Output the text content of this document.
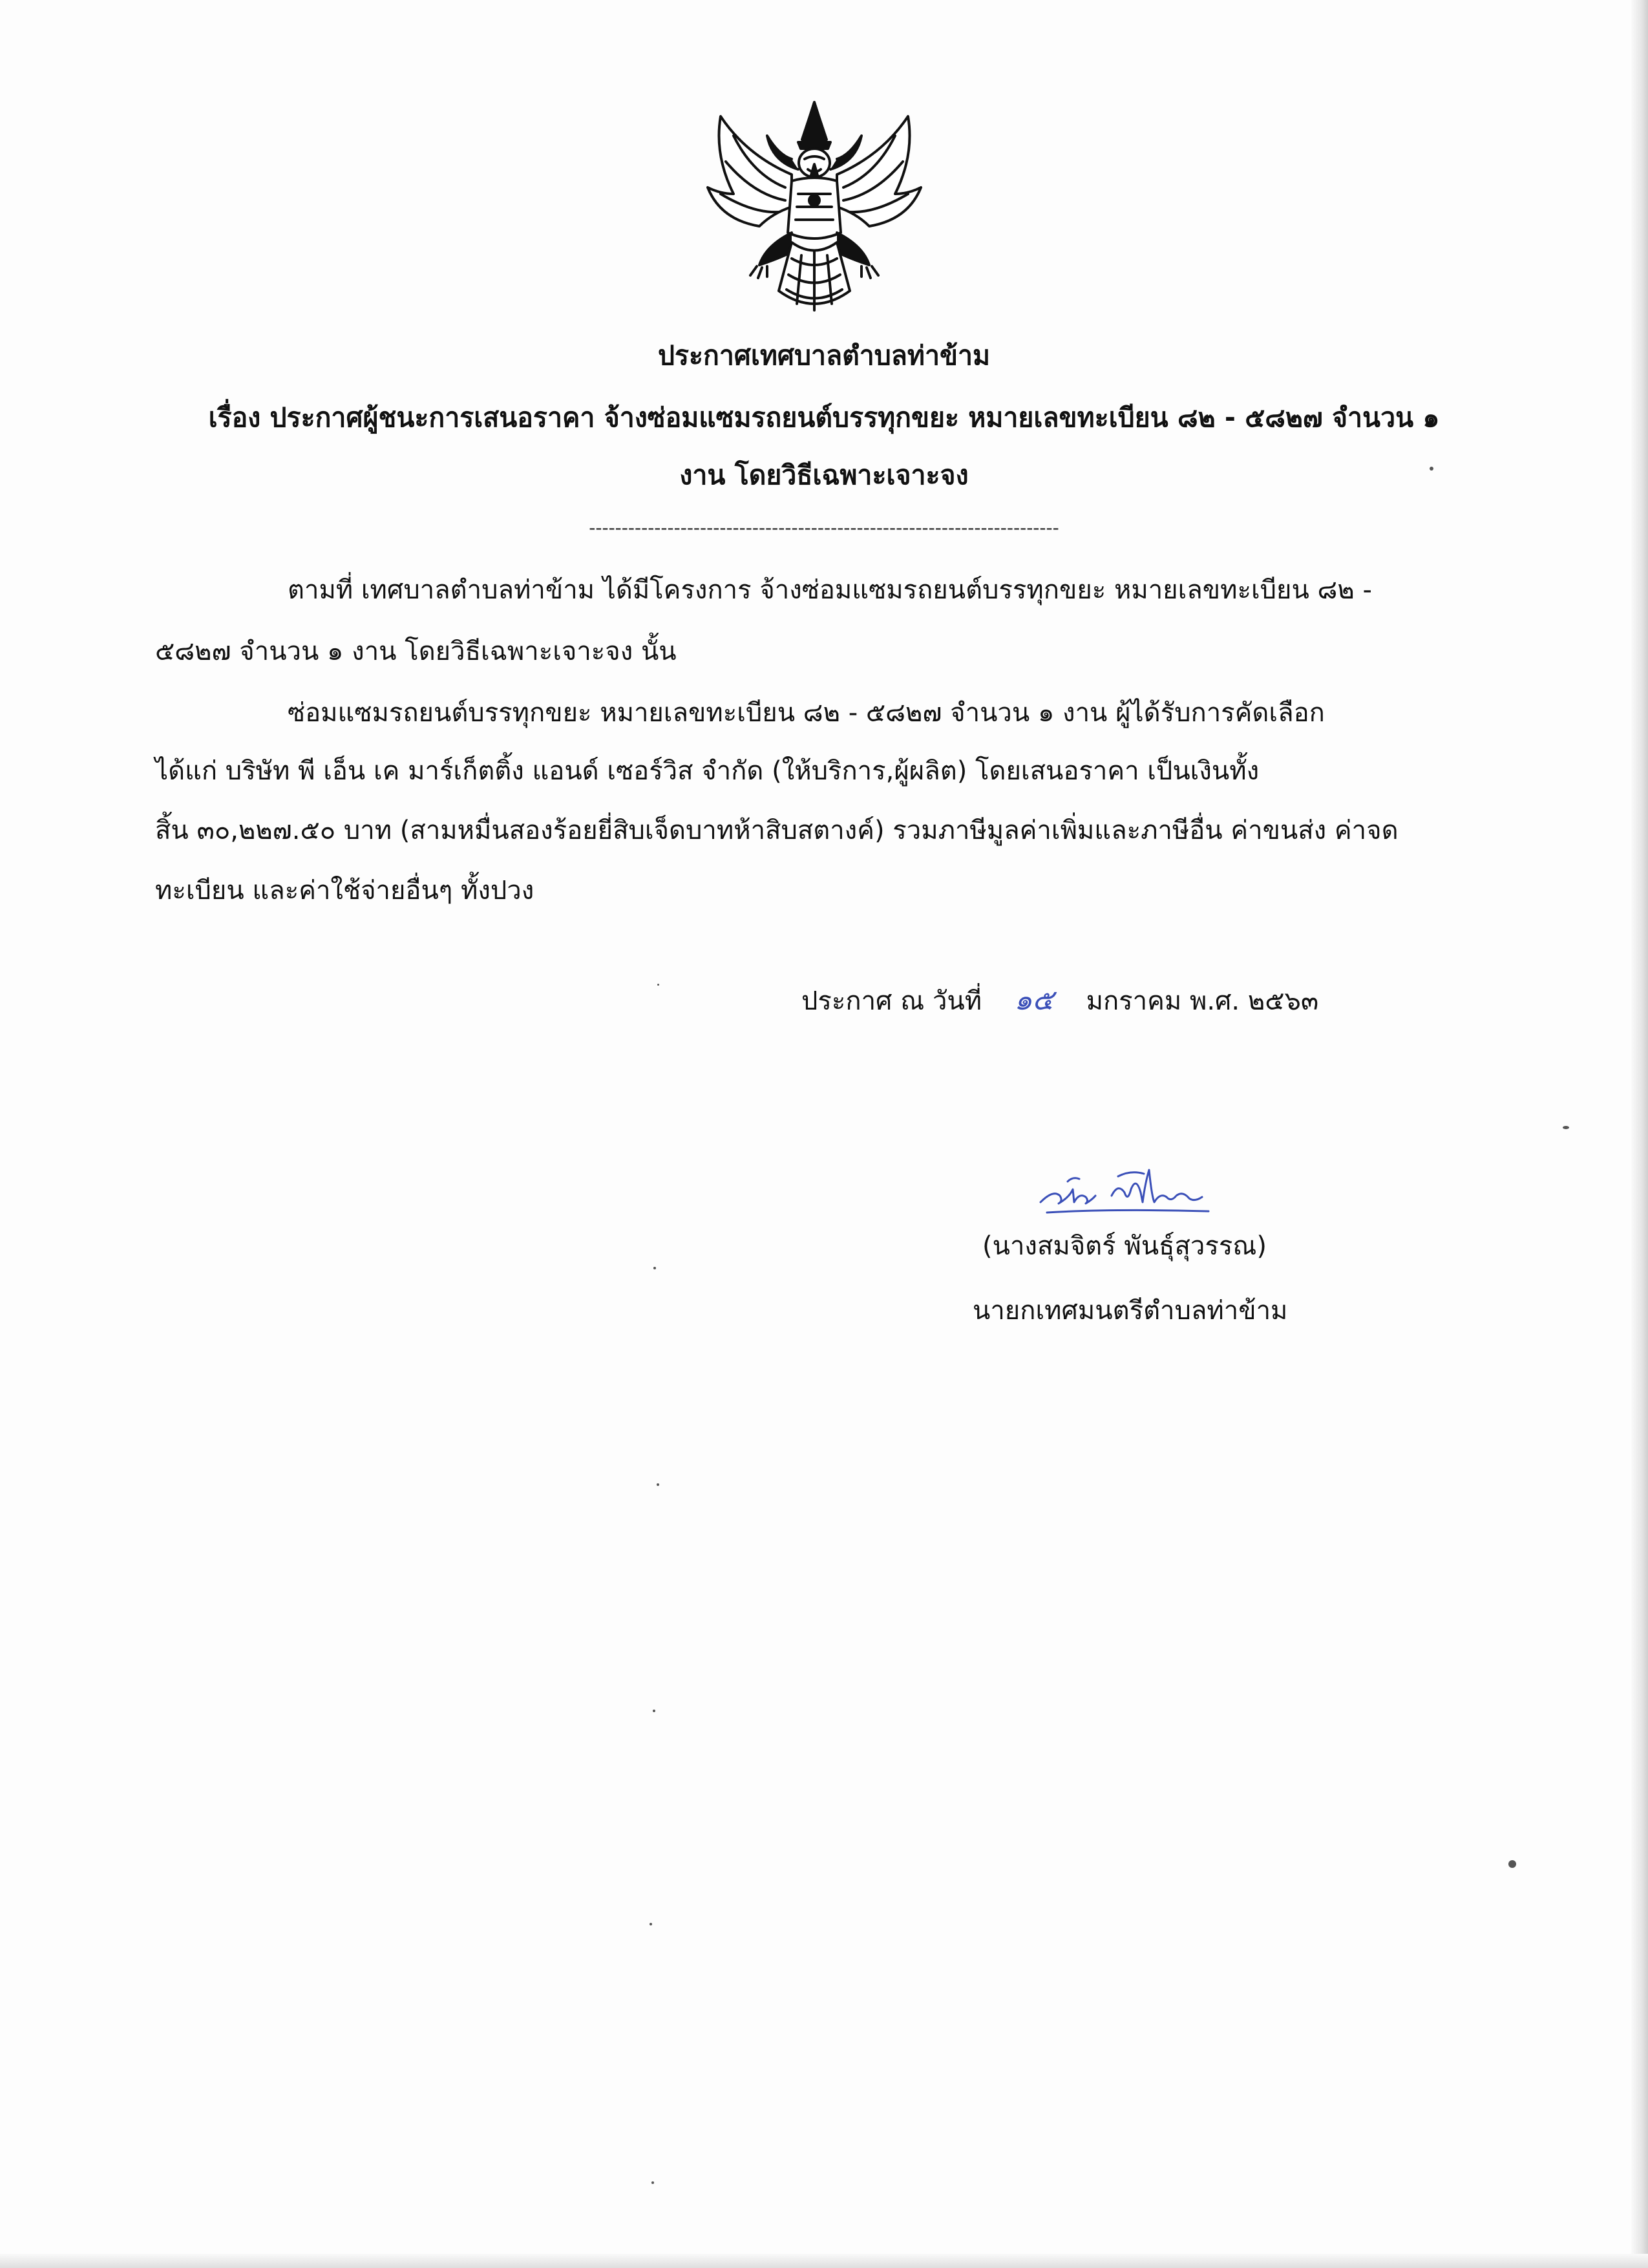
ประกาศเทศบาลตำบลท่าข้าม
เรื่อง ประกาศผู้ชนะการเสนอราคา จ้างซ่อมแซมรถยนต์บรรทุกขยะ หมายเลขทะเบียน ๘๒ - ๕๘๒๗ จำนวน ๑
งาน โดยวิธีเฉพาะเจาะจง
------------------------------------------------------------------------
ตามที่ เทศบาลตำบลท่าข้าม ได้มีโครงการ จ้างซ่อมแซมรถยนต์บรรทุกขยะ หมายเลขทะเบียน ๘๒ -
๕๘๒๗ จำนวน ๑ งาน โดยวิธีเฉพาะเจาะจง นั้น
ซ่อมแซมรถยนต์บรรทุกขยะ หมายเลขทะเบียน ๘๒ - ๕๘๒๗ จำนวน ๑ งาน ผู้ได้รับการคัดเลือก
ได้แก่ บริษัท พี เอ็น เค มาร์เก็ตติ้ง แอนด์ เซอร์วิส จำกัด (ให้บริการ,ผู้ผลิต) โดยเสนอราคา เป็นเงินทั้ง
สิ้น ๓๐,๒๒๗.๕๐ บาท (สามหมื่นสองร้อยยี่สิบเจ็ดบาทห้าสิบสตางค์) รวมภาษีมูลค่าเพิ่มและภาษีอื่น ค่าขนส่ง ค่าจด
ทะเบียน และค่าใช้จ่ายอื่นๆ ทั้งปวง
ประกาศ ณ วันที่ ๑๕ มกราคม พ.ศ. ๒๕๖๓
(นางสมจิตร์ พันธุ์สุวรรณ)
นายกเทศมนตรีตำบลท่าข้าม
